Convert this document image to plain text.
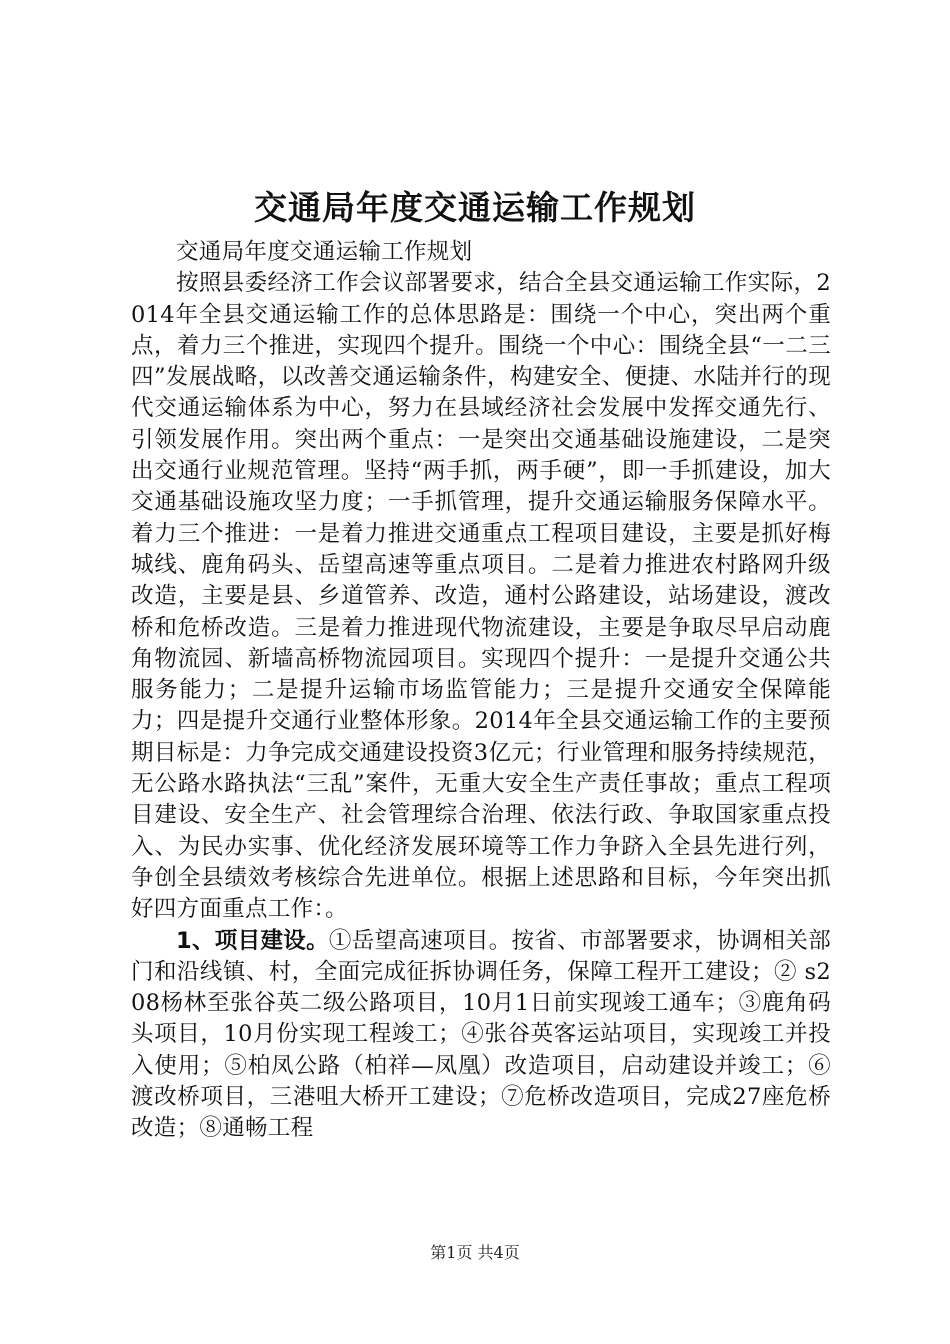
交通局年度交通运输工作规划

交通局年度交通运输工作规划

按照县委经济工作会议部署要求，结合全县交通运输工作实际，2014年全县交通运输工作的总体思路是：围绕一个中心，突出两个重点，着力三个推进，实现四个提升。围绕一个中心：围绕全县“一二三四”发展战略，以改善交通运输条件，构建安全、便捷、水陆并行的现代交通运输体系为中心，努力在县域经济社会发展中发挥交通先行、引领发展作用。突出两个重点：一是突出交通基础设施建设，二是突出交通行业规范管理。坚持“两手抓，两手硬”，即一手抓建设，加大交通基础设施攻坚力度；一手抓管理，提升交通运输服务保障水平。着力三个推进：一是着力推进交通重点工程项目建设，主要是抓好梅城线、鹿角码头、岳望高速等重点项目。二是着力推进农村路网升级改造，主要是县、乡道管养、改造，通村公路建设，站场建设，渡改桥和危桥改造。三是着力推进现代物流建设，主要是争取尽早启动鹿角物流园、新墙高桥物流园项目。实现四个提升：一是提升交通公共服务能力；二是提升运输市场监管能力；三是提升交通安全保障能力；四是提升交通行业整体形象。2014年全县交通运输工作的主要预期目标是：力争完成交通建设投资3亿元；行业管理和服务持续规范，无公路水路执法“三乱”案件，无重大安全生产责任事故；重点工程项目建设、安全生产、社会管理综合治理、依法行政、争取国家重点投入、为民办实事、优化经济发展环境等工作力争跻入全县先进行列，争创全县绩效考核综合先进单位。根据上述思路和目标，今年突出抓好四方面重点工作：。

1、项目建设。①岳望高速项目。按省、市部署要求，协调相关部门和沿线镇、村，全面完成征拆协调任务，保障工程开工建设；② s208杨林至张谷英二级公路项目，10月1日前实现竣工通车；③鹿角码头项目，10月份实现工程竣工；④张谷英客运站项目，实现竣工并投入使用；⑤柏凤公路（柏祥—凤凰）改造项目，启动建设并竣工；⑥渡改桥项目，三港咀大桥开工建设；⑦危桥改造项目，完成27座危桥改造；⑧通畅工程

第1页 共4页
